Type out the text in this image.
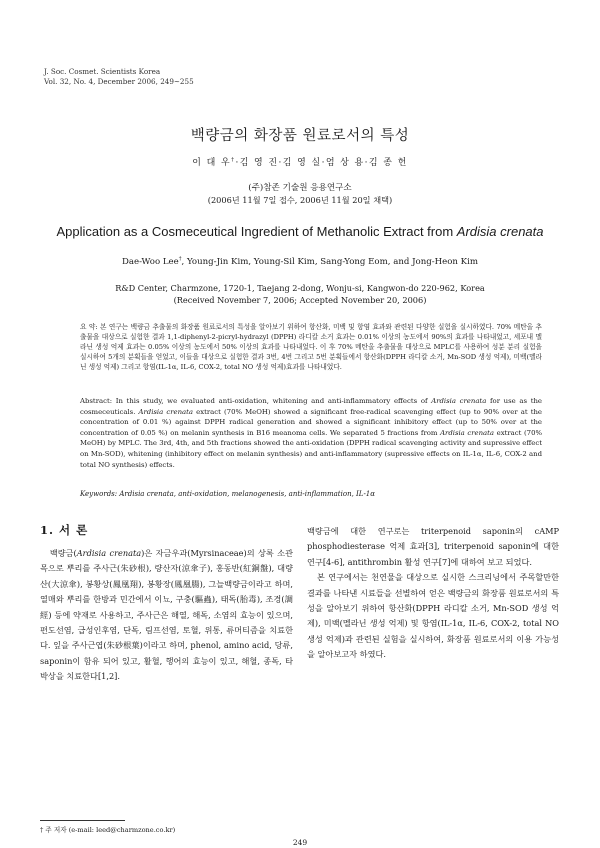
J. Soc. Cosmet. Scientists Korea
Vol. 32, No. 4, December 2006, 249~255
백량금의 화장품 원료로서의 특성
이 대 우†·김 영 진·김 영 실·엄 상 용·김 종 헌
(주)참존 기술원 응용연구소
(2006년 11월 7일 접수, 2006년 11월 20일 채택)
Application as a Cosmeceutical Ingredient of Methanolic Extract from Ardisia crenata
Dae-Woo Lee†, Young-Jin Kim, Young-Sil Kim, Sang-Yong Eom, and Jong-Heon Kim
R&D Center, Charmzone, 1720-1, Taejang 2-dong, Wonju-si, Kangwon-do 220-962, Korea
(Received November 7, 2006; Accepted November 20, 2006)
요 약: 본 연구는 백량금 추출물의 화장품 원료로서의 특성을 알아보기 위하여 항산화, 미백 및 항염 효과와 관련된 다양한 실험을 실시하였다. 70% 메탄올 추출물을 대상으로 실험한 결과 1,1-diphenyl-2-picryl-hydrazyl (DPPH) 라디칼 소거 효과는 0.01% 이상의 농도에서 90%의 효과를 나타내었고, 세포내 멜라닌 생성 억제 효과는 0.05% 이상의 농도에서 50% 이상의 효과를 나타내었다. 이 후 70% 메탄올 추출물을 대상으로 MPLC를 사용하여 성분 분리 실험을 실시하여 5개의 분획들을 얻었고, 이들을 대상으로 실험한 결과 3번, 4번 그리고 5번 분획들에서 항산화(DPPH 라디칼 소거, Mn-SOD 생성 억제), 미백(멜라닌 생성 억제) 그리고 항염(IL-1α, IL-6, COX-2, total NO 생성 억제)효과를 나타내었다.
Abstract: In this study, we evaluated anti-oxidation, whitening and anti-inflammatory effects of Ardisia crenata for use as the cosmeceuticals. Ardisia crenata extract (70% MeOH) showed a significant free-radical scavenging effect (up to 90% over at the concentration of 0.01 %) against DPPH radical generation and showed a significant inhibitory effect (up to 50% over at the concentration of 0.05 %) on melanin synthesis in B16 meanoma cells. We separated 5 fractions from Ardisia crenata extract (70% MeOH) by MPLC. The 3rd, 4th, and 5th fractions showed the anti-oxidation (DPPH radical scavenging activity and supressive effect on Mn-SOD), whitening (inhibitory effect on melanin synthesis) and anti-inflammatory (supressive effects on IL-1α, IL-6, COX-2 and total NO synthesis) effects.
Keywords: Ardisia crenata, anti-oxidation, melanogenesis, anti-inflammation, IL-1α
1. 서 론

백량금(Ardisia crenata)은 자금우과(Myrsinaceae)의 상록 소관목으로 뿌리를 주사근(朱砂根), 량산자(涼傘子), 홍동반(紅銅盤), 대량산(大涼傘), 봉황상(鳳凰翔), 봉황장(鳳凰腸), 그늘백량금이라고 하며, 열매와 뿌리를 한방과 민간에서 이뇨, 구충(驅蟲), 태독(胎毒), 조경(調經) 등에 약재로 사용하고, 주사근은 해열, 해독, 소염의 효능이 있으며, 편도선염, 급성인후염, 단독, 림프선염, 토혈, 위통, 류머티즘을 치료한다. 잎을 주사근엽(朱砂根葉)이라고 하며, phenol, amino acid, 당류, saponin이 함유 되어 있고, 활혈, 행어의 효능이 있고, 해혈, 종독, 타박상을 치료한다[1,2].

백량금에 대한 연구로는 triterpenoid saponin의 cAMP phosphodiesterase 억제 효과[3], triterpenoid saponin에 대한 연구[4-6], antithrombin 활성 연구[7]에 대하여 보고 되었다.

본 연구에서는 천연물을 대상으로 실시한 스크리닝에서 주목할만한 결과를 나타낸 시료들을 선별하여 얻은 백량금의 화장품 원료로서의 특성을 알아보기 위하여 항산화(DPPH 라디칼 소거, Mn-SOD 생성 억제), 미백(멜라닌 생성 억제) 및 항염(IL-1α, IL-6, COX-2, total NO 생성 억제)과 관련된 실험을 실시하여, 화장품 원료로서의 이용 가능성을 알아보고자 하였다.

† 주 저자 (e-mail: leed@charmzone.co.kr)
249
